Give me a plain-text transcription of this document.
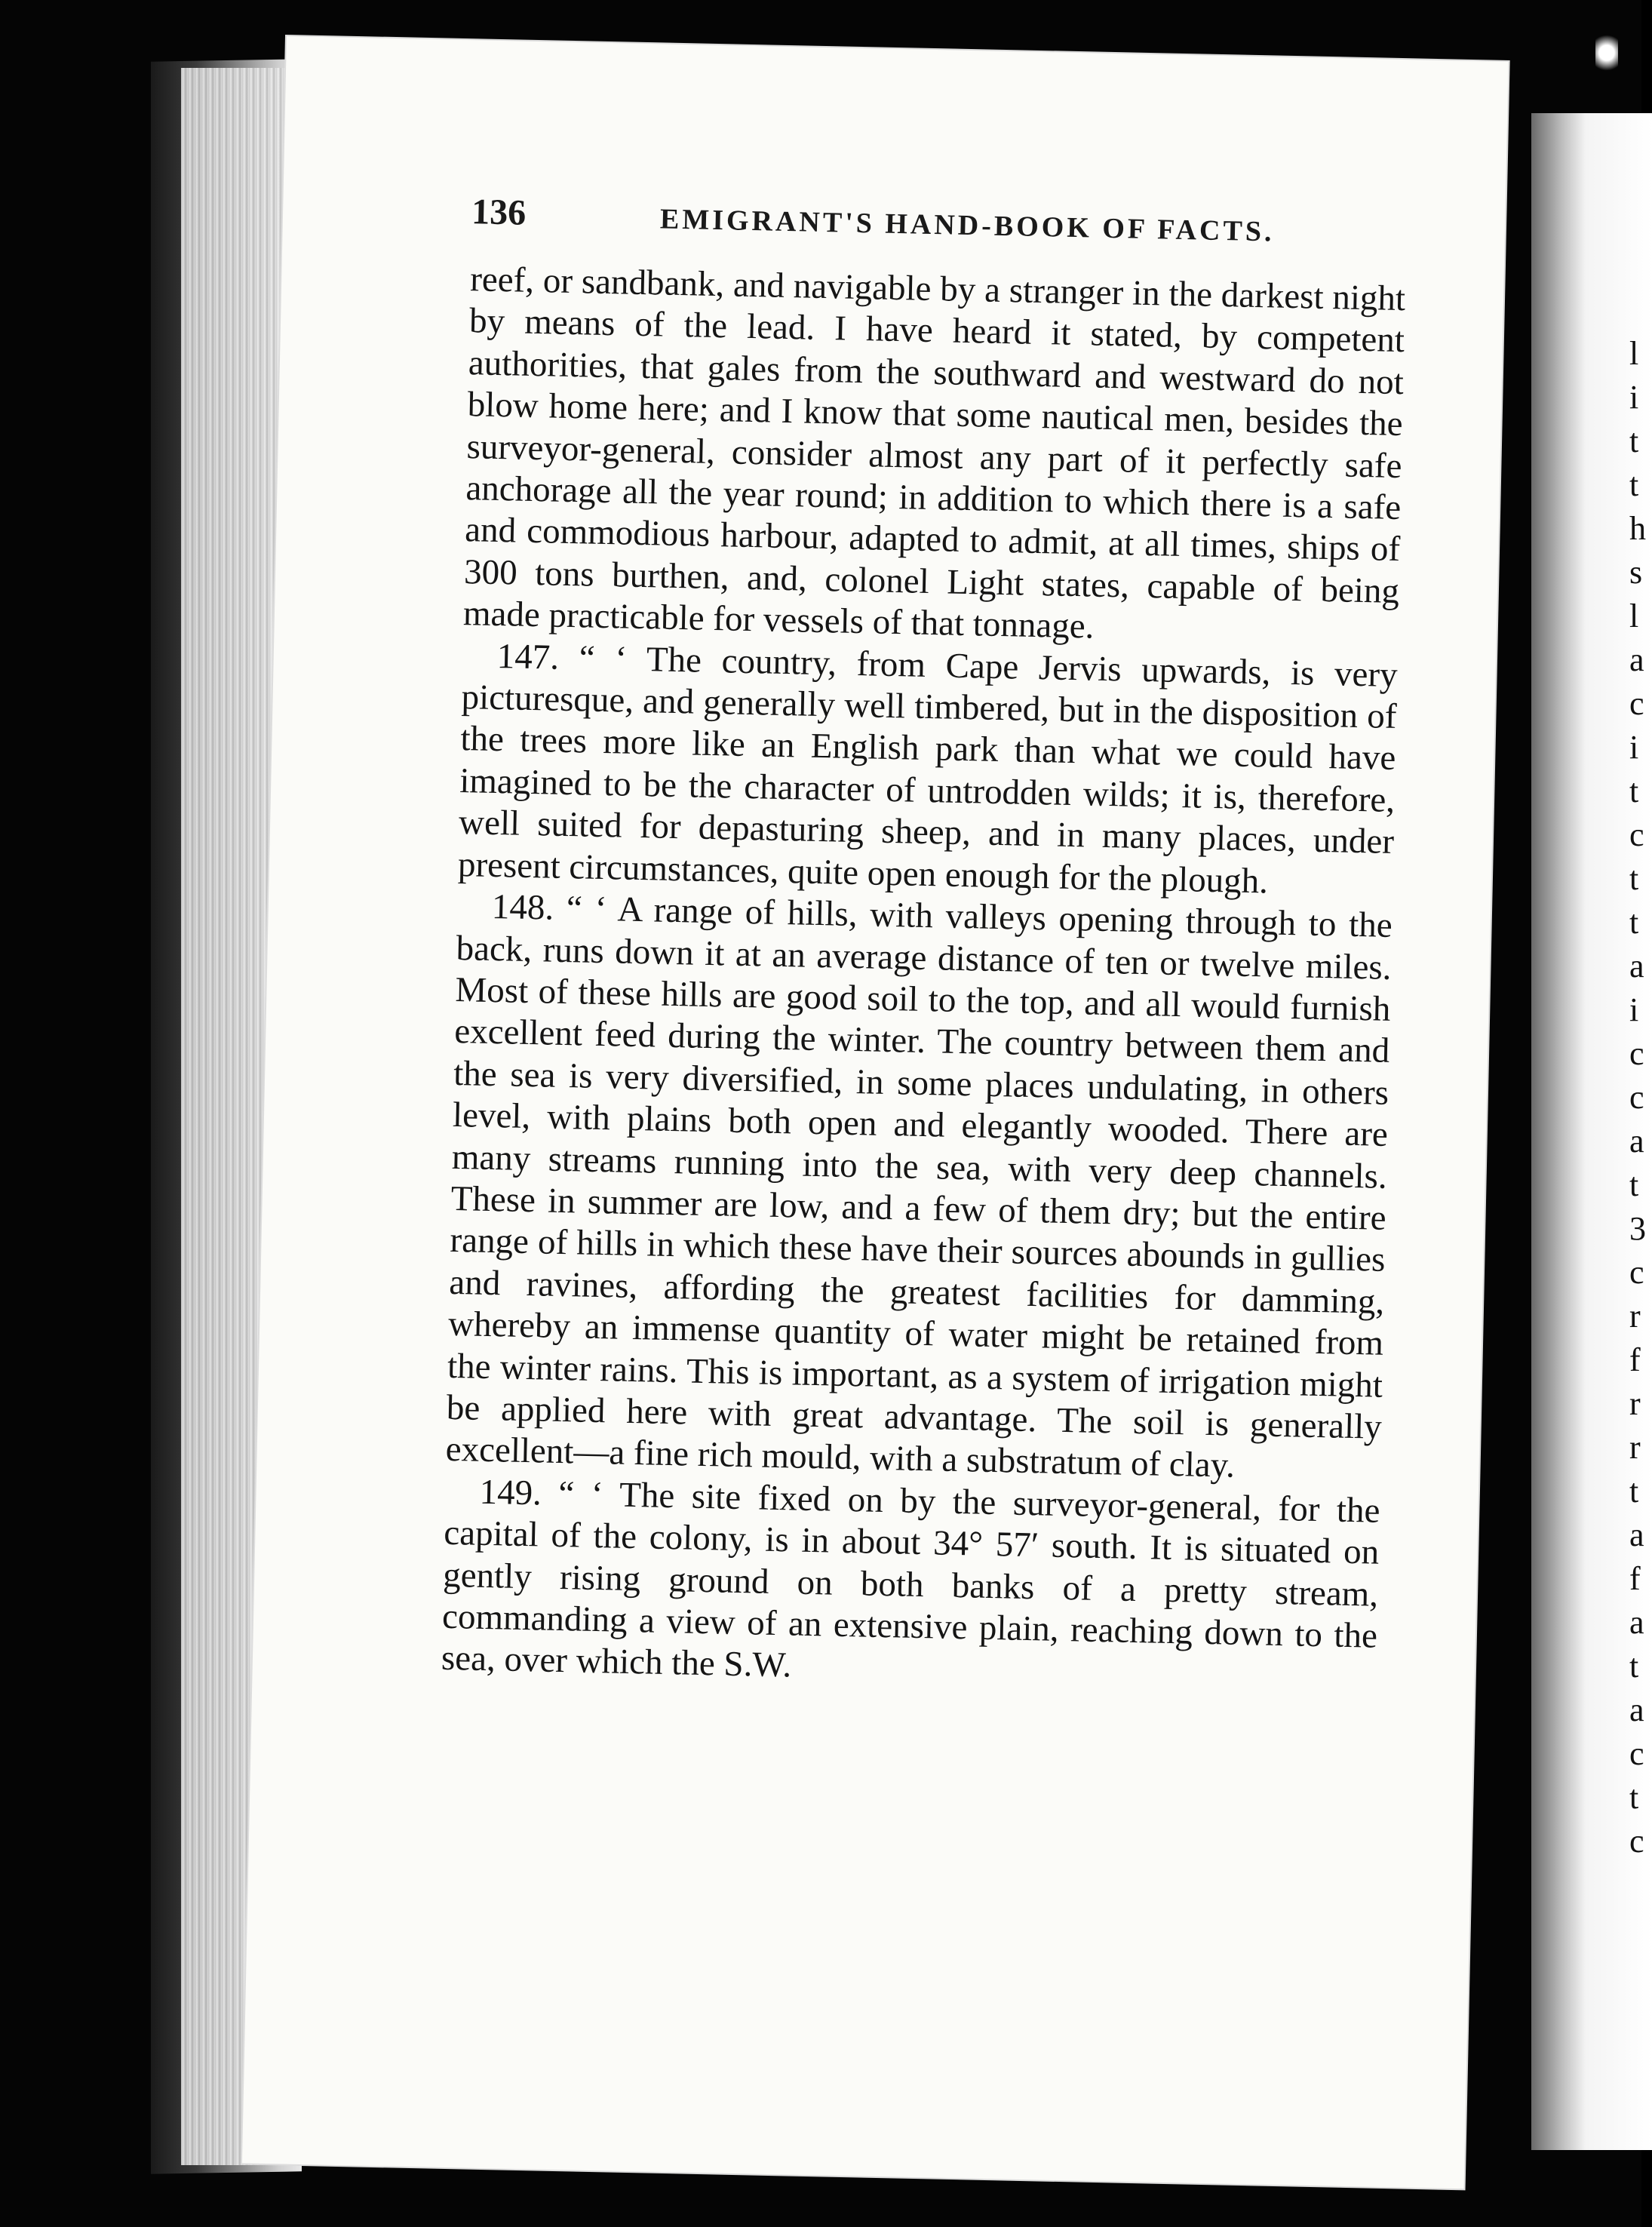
l i t t h s l a c i t c t t a i c c a t 3 c r f r r t a f a t a c t c
136	EMIGRANT'S HAND-BOOK OF FACTS.

reef, or sandbank, and navigable by a stranger in the darkest night by means of the lead. I have heard it stated, by competent authorities, that gales from the southward and westward do not blow home here; and I know that some nautical men, besides the surveyor-general, consider almost any part of it perfectly safe anchorage all the year round; in addition to which there is a safe and commodious harbour, adapted to admit, at all times, ships of 300 tons burthen, and, colonel Light states, capable of being made practicable for vessels of that tonnage.

147. “ ‘ The country, from Cape Jervis upwards, is very picturesque, and generally well timbered, but in the disposition of the trees more like an English park than what we could have imagined to be the character of untrodden wilds; it is, therefore, well suited for depasturing sheep, and in many places, under present circumstances, quite open enough for the plough.

148. “ ‘ A range of hills, with valleys opening through to the back, runs down it at an average distance of ten or twelve miles. Most of these hills are good soil to the top, and all would furnish excellent feed during the winter. The country between them and the sea is very diversified, in some places undulating, in others level, with plains both open and elegantly wooded. There are many streams running into the sea, with very deep channels. These in summer are low, and a few of them dry; but the entire range of hills in which these have their sources abounds in gullies and ravines, affording the greatest facilities for damming, whereby an immense quantity of water might be retained from the winter rains. This is important, as a system of irrigation might be applied here with great advantage. The soil is generally excellent—a fine rich mould, with a substratum of clay.

149. “ ‘ The site fixed on by the surveyor-general, for the capital of the colony, is in about 34° 57′ south. It is situated on gently rising ground on both banks of a pretty stream, commanding a view of an extensive plain, reaching down to the sea, over which the S.W.
